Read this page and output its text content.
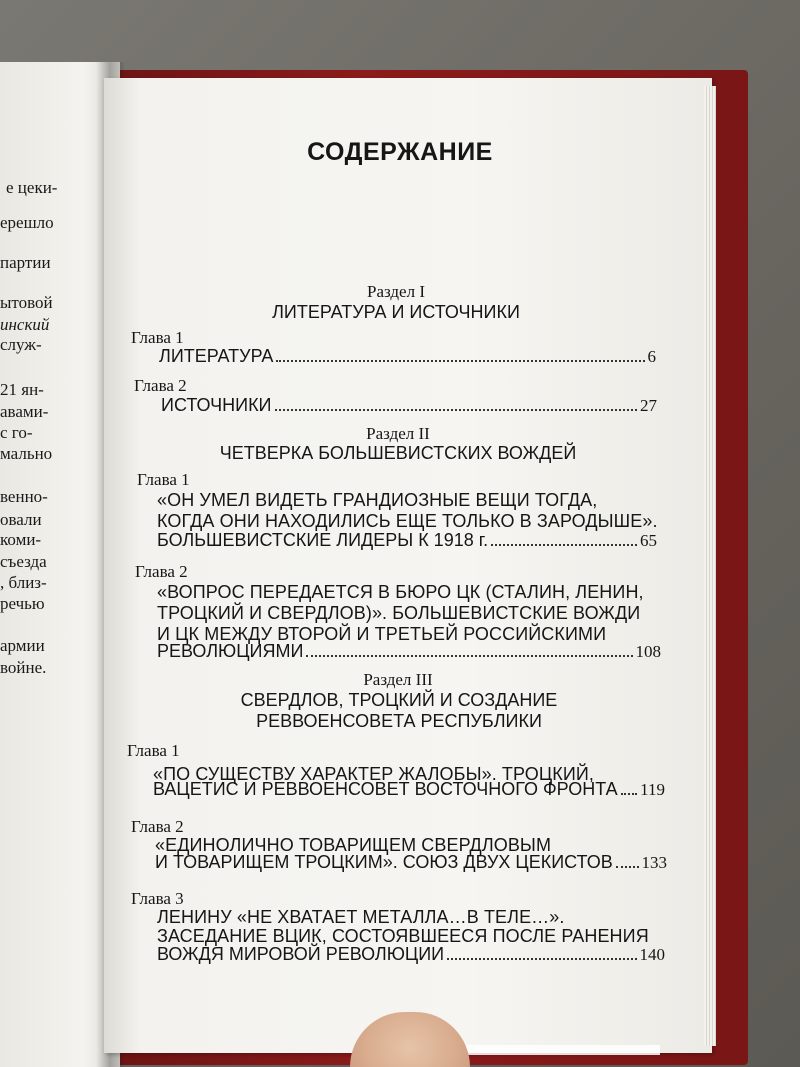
е цеки-
ерешло
партии
ытовой
инский
служ-
21 ян-
авами-
с го-
мально
венно-
овали
коми-
съезда
, близ-
речью
армии
войне.
СОДЕРЖАНИЕ
Раздел I
ЛИТЕРАТУРА И ИСТОЧНИКИ
Глава 1
ЛИТЕРАТУРА	6
Глава 2
ИСТОЧНИКИ	27
Раздел II
ЧЕТВЕРКА БОЛЬШЕВИСТСКИХ ВОЖДЕЙ
Глава 1
«ОН УМЕЛ ВИДЕТЬ ГРАНДИОЗНЫЕ ВЕЩИ ТОГДА,
КОГДА ОНИ НАХОДИЛИСЬ ЕЩЕ ТОЛЬКО В ЗАРОДЫШЕ».
БОЛЬШЕВИСТСКИЕ ЛИДЕРЫ К 1918 г.	65
Глава 2
«ВОПРОС ПЕРЕДАЕТСЯ В БЮРО ЦК (СТАЛИН, ЛЕНИН,
ТРОЦКИЙ И СВЕРДЛОВ)». БОЛЬШЕВИСТСКИЕ ВОЖДИ
И ЦК МЕЖДУ ВТОРОЙ И ТРЕТЬЕЙ РОССИЙСКИМИ
РЕВОЛЮЦИЯМИ	108
Раздел III
СВЕРДЛОВ, ТРОЦКИЙ И СОЗДАНИЕ
РЕВВОЕНСОВЕТА РЕСПУБЛИКИ
Глава 1
«ПО СУЩЕСТВУ ХАРАКТЕР ЖАЛОБЫ». ТРОЦКИЙ,
ВАЦЕТИС И РЕВВОЕНСОВЕТ ВОСТОЧНОГО ФРОНТА 119
Глава 2
«ЕДИНОЛИЧНО ТОВАРИЩЕМ СВЕРДЛОВЫМ
И ТОВАРИЩЕМ ТРОЦКИМ». СОЮЗ ДВУХ ЦЕКИСТОВ 133
Глава 3
ЛЕНИНУ «НЕ ХВАТАЕТ МЕТАЛЛА…В ТЕЛЕ…».
ЗАСЕДАНИЕ ВЦИК, СОСТОЯВШЕЕСЯ ПОСЛЕ РАНЕНИЯ
ВОЖДЯ МИРОВОЙ РЕВОЛЮЦИИ	140
